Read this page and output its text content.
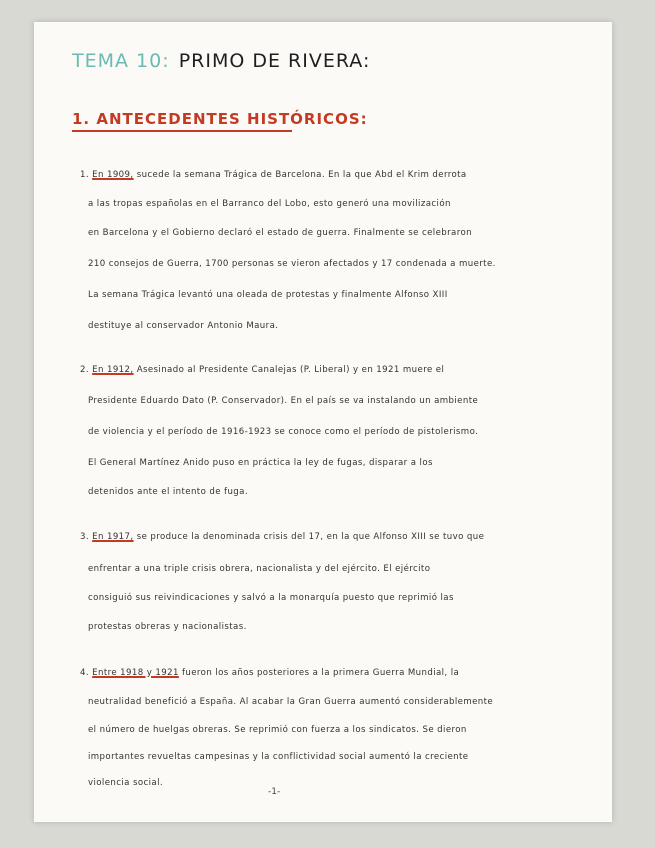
TEMA 10: PRIMO DE RIVERA:
1. ANTECEDENTES HISTÓRICOS:
1. En 1909, sucede la semana Trágica de Barcelona. En la que Abd el Krim derrota
a las tropas españolas en el Barranco del Lobo, esto generó una movilización
en Barcelona y el Gobierno declaró el estado de guerra. Finalmente se celebraron
210 consejos de Guerra, 1700 personas se vieron afectados y 17 condenada a muerte.
La semana Trágica levantó una oleada de protestas y finalmente Alfonso XIII
destituye al conservador Antonio Maura.
2. En 1912, Asesinado al Presidente Canalejas (P. Liberal) y en 1921 muere el
Presidente Eduardo Dato (P. Conservador). En el país se va instalando un ambiente
de violencia y el período de 1916-1923 se conoce como el período de pistolerismo.
El General Martínez Anido puso en práctica la ley de fugas, disparar a los
detenidos ante el intento de fuga.
3. En 1917, se produce la denominada crisis del 17, en la que Alfonso XIII se tuvo que
enfrentar a una triple crisis obrera, nacionalista y del ejército. El ejército
consiguió sus reivindicaciones y salvó a la monarquía puesto que reprimió las
protestas obreras y nacionalistas.
4. Entre 1918 y 1921 fueron los años posteriores a la primera Guerra Mundial, la
neutralidad benefició a España. Al acabar la Gran Guerra aumentó considerablemente
el número de huelgas obreras. Se reprimió con fuerza a los sindicatos. Se dieron
importantes revueltas campesinas y la conflictividad social aumentó la creciente
violencia social.
-1-
